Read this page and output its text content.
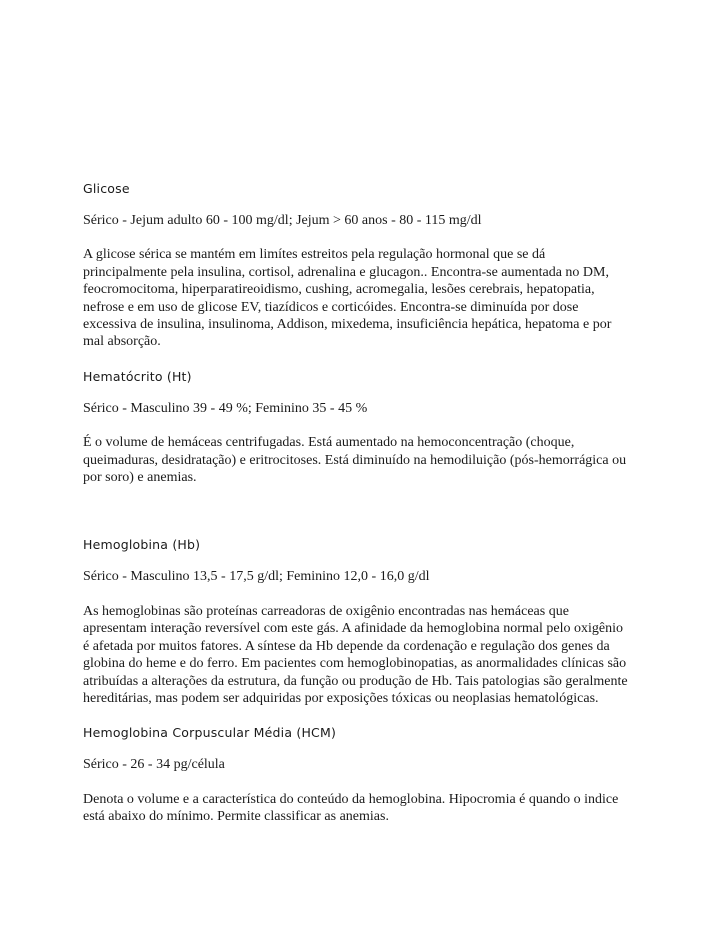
Glicose

Sérico - Jejum adulto 60 - 100 mg/dl; Jejum > 60 anos - 80 - 115 mg/dl

A glicose sérica se mantém em limítes estreitos pela regulação hormonal que se dá
principalmente pela insulina, cortisol, adrenalina e glucagon.. Encontra-se aumentada no DM,
feocromocitoma, hiperparatireoidismo, cushing, acromegalia, lesões cerebrais, hepatopatia,
nefrose e em uso de glicose EV, tiazídicos e corticóides. Encontra-se diminuída por dose
excessiva de insulina, insulinoma, Addison, mixedema, insuficiência hepática, hepatoma e por
mal absorção.

Hematócrito (Ht)

Sérico - Masculino 39 - 49 %; Feminino 35 - 45 %

É o volume de hemáceas centrifugadas. Está aumentado na hemoconcentração (choque,
queimaduras, desidratação) e eritrocitoses. Está diminuído na hemodiluição (pós-hemorrágica ou
por soro) e anemias.

Hemoglobina (Hb)

Sérico - Masculino 13,5 - 17,5 g/dl; Feminino 12,0 - 16,0 g/dl

As hemoglobinas são proteínas carreadoras de oxigênio encontradas nas hemáceas que
apresentam interação reversível com este gás. A afinidade da hemoglobina normal pelo oxigênio
é afetada por muitos fatores. A síntese da Hb depende da cordenação e regulação dos genes da
globina do heme e do ferro. Em pacientes com hemoglobinopatias, as anormalidades clínicas são
atribuídas a alterações da estrutura, da função ou produção de Hb. Tais patologias são geralmente
hereditárias, mas podem ser adquiridas por exposições tóxicas ou neoplasias hematológicas.

Hemoglobina Corpuscular Média (HCM)

Sérico - 26 - 34 pg/célula

Denota o volume e a característica do conteúdo da hemoglobina. Hipocromia é quando o indice
está abaixo do mínimo. Permite classificar as anemias.
